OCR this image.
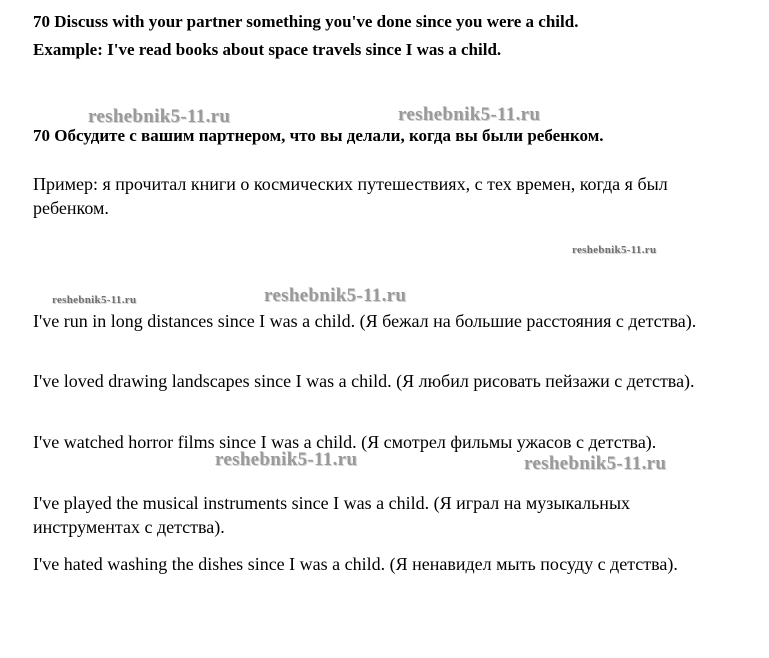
70 Discuss with your partner something you've done since you were a child.
Example: I've read books about space travels since I was a child.
70 Обсудите с вашим партнером, что вы делали, когда вы были ребенком.
Пример: я прочитал книги о космических путешествиях, с тех времен, когда я был ребенком.
I've run in long distances since I was a child. (Я бежал на большие расстояния с детства).
I've loved drawing landscapes since I was a child. (Я любил рисовать пейзажи с детства).
I've watched horror films since I was a child. (Я смотрел фильмы ужасов с детства).
I've played the musical instruments since I was a child. (Я играл на музыкальных инструментах с детства).
I've hated washing the dishes since I was a child. (Я ненавидел мыть посуду с детства).
reshebnik5-11.ru	reshebnik5-11.ru
reshebnik5-11.ru
reshebnik5-11.ru	reshebnik5-11.ru
reshebnik5-11.ru	reshebnik5-11.ru
